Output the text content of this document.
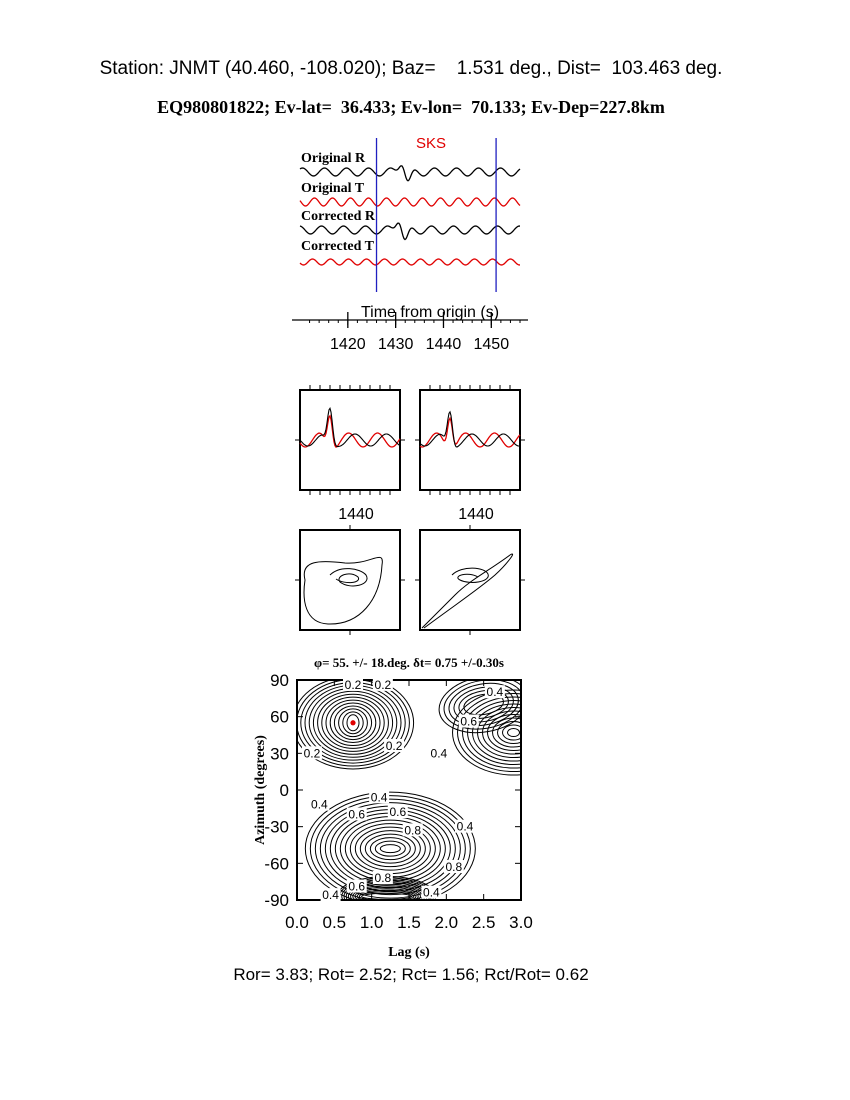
Station: JNMT (40.460, -108.020); Baz=    1.531 deg., Dist=  103.463 deg.
EQ980801822; Ev-lat=  36.433; Ev-lon=  70.133; Ev-Dep=227.8km
SKS
Original R
Original T
Corrected R
Corrected T
Time from origin (s)
1420 1430 1440 1450
1440	1440
φ= 55. +/- 18.deg. δt= 0.75 +/-0.30s
0.0 0.5 1.0 1.5 2.0 2.5 3.0
90
60
30
0
-30
-60
-90
0.2 0.2
0.4
0.6
0.2
0.2
0.4
0.4
0.4
0.6 0.6
0.8	0.4
0.8
0.8
0.6
0.4	0.4
Lag (s)
Azimuth (degrees)
Ror= 3.83; Rot= 2.52; Rct= 1.56; Rct/Rot= 0.62
